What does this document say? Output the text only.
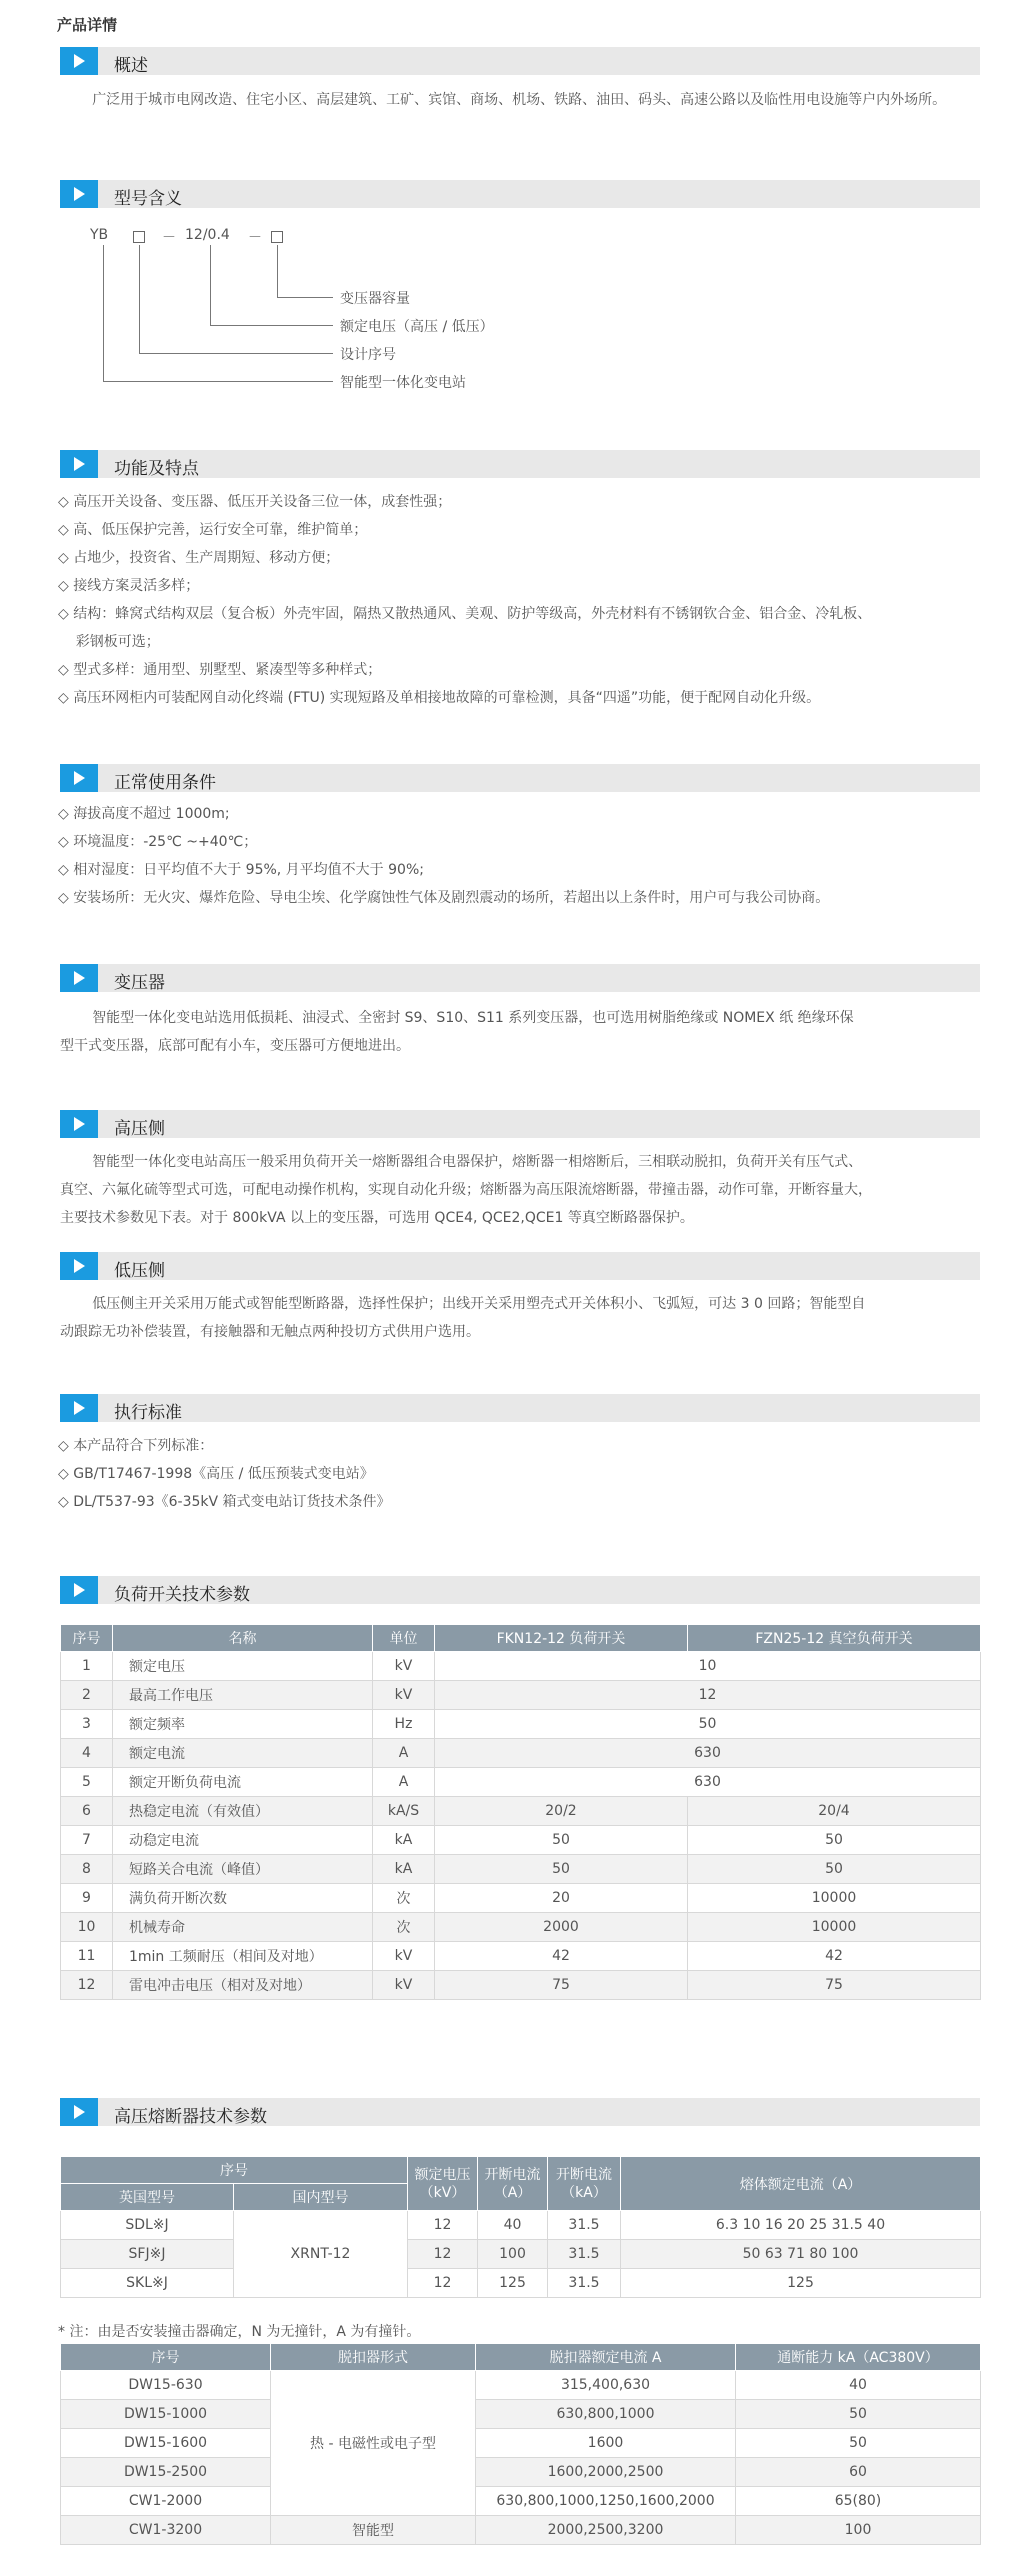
产品详情
概述
广泛用于城市电网改造、住宅小区、高层建筑、工矿、宾馆、商场、机场、铁路、油田、码头、高速公路以及临性用电设施等户内外场所。
型号含义
YB	－ 12/0.4 －
变压器容量
额定电压（高压 / 低压）
设计序号
智能型一体化变电站
功能及特点
◇ 高压开关设备、变压器、低压开关设备三位一体，成套性强；
◇ 高、低压保护完善，运行安全可靠，维护简单；
◇ 占地少，投资省、生产周期短、移动方便；
◇ 接线方案灵活多样；
◇ 结构：蜂窝式结构双层（复合板）外壳牢固，隔热又散热通风、美观、防护等级高，外壳材料有不锈钢钦合金、铝合金、冷轧板、
彩钢板可选；
◇ 型式多样：通用型、别墅型、紧凑型等多种样式；
◇ 高压环网柜内可装配网自动化终端 (FTU) 实现短路及单相接地故障的可靠检测，具备“四遥”功能，便于配网自动化升级。
正常使用条件
◇ 海拔高度不超过 1000m;
◇ 环境温度：-25℃ ~+40℃；
◇ 相对湿度：日平均值不大于 95%, 月平均值不大于 90%;
◇ 安装场所：无火灾、爆炸危险、导电尘埃、化学腐蚀性气体及剧烈震动的场所，若超出以上条件时，用户可与我公司协商。
变压器
智能型一体化变电站选用低损耗、油浸式、全密封 S9、S10、S11 系列变压器，也可选用树脂绝缘或 NOMEX 纸 绝缘环保
型干式变压器，底部可配有小车，变压器可方便地进出。
高压侧
智能型一体化变电站高压一般采用负荷开关一熔断器组合电器保护，熔断器一相熔断后，三相联动脱扣，负荷开关有压气式、
真空、六氟化硫等型式可选，可配电动操作机构，实现自动化升级；熔断器为高压限流熔断器，带撞击器，动作可靠，开断容量大，
主要技术参数见下表。对于 800kVA 以上的变压器，可选用 QCE4, QCE2,QCE1 等真空断路器保护。
低压侧
低压侧主开关采用万能式或智能型断路器，选择性保护；出线开关采用塑壳式开关体积小、飞弧短，可达 3 0 回路；智能型自
动跟踪无功补偿装置，有接触器和无触点两种投切方式供用户选用。
执行标准
◇ 本产品符合下列标准：
◇ GB/T17467-1998《高压 / 低压预装式变电站》
◇ DL/T537-93《6-35kV 箱式变电站订货技术条件》
负荷开关技术参数
序号	名称	单位	FKN12-12 负荷开关	FZN25-12 真空负荷开关
1	额定电压	kV	10	
2	最高工作电压	kV	12	
3	额定频率	Hz	50	
4	额定电流	A	630	
5	额定开断负荷电流	A	630	
6	热稳定电流（有效值）	kA/S	20/2	20/4
7	动稳定电流	kA	50	50
8	短路关合电流（峰值）	kA	50	50
9	满负荷开断次数	次	20	10000
10	机械寿命	次	2000	10000
11	1min 工频耐压（相间及对地）	kV	42	42
12	雷电冲击电压（相对及对地）	kV	75	75
高压熔断器技术参数
序号		额定电压（kV）	开断电流（A）	开断电流（kA）	熔体额定电流（A）
英国型号	国内型号				
SDL※J	XRNT-12	12	40	31.5	6.3 10 16 20 25 31.5 40
SFJ※J		12	100	31.5	50 63 71 80 100
SKL※J		12	125	31.5	125
* 注：由是否安装撞击器确定，N 为无撞针，A 为有撞针。
序号	脱扣器形式	脱扣器额定电流 A	通断能力 kA（AC380V）
DW15-630	热 - 电磁性或电子型	315,400,630	40
DW15-1000		630,800,1000	50
DW15-1600		1600	50
DW15-2500		1600,2000,2500	60
CW1-2000		630,800,1000,1250,1600,2000	65(80)
CW1-3200	智能型	2000,2500,3200	100
